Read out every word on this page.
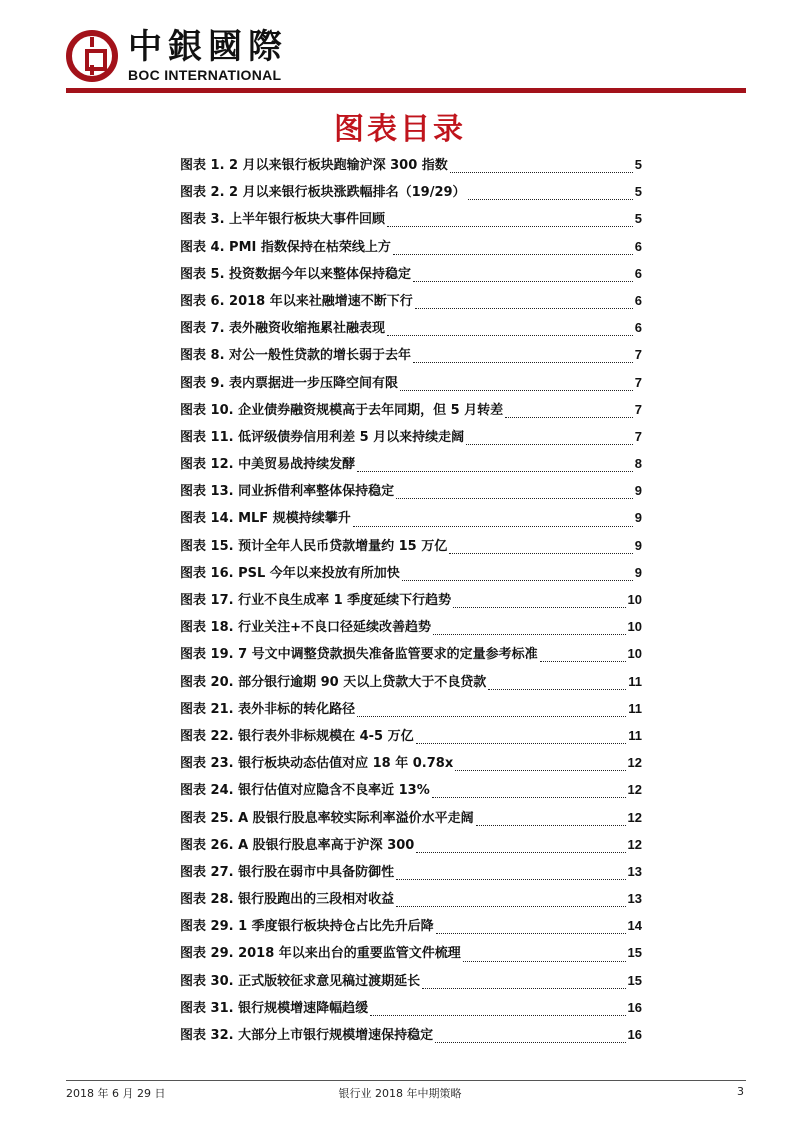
中銀國際
BOC INTERNATIONAL
图表目录
图表 1. 2 月以来银行板块跑输沪深 300 指数	5
图表 2. 2 月以来银行板块涨跌幅排名（19/29）	5
图表 3. 上半年银行板块大事件回顾	5
图表 4. PMI 指数保持在枯荣线上方	6
图表 5. 投资数据今年以来整体保持稳定	6
图表 6. 2018 年以来社融增速不断下行	6
图表 7. 表外融资收缩拖累社融表现	6
图表 8. 对公一般性贷款的增长弱于去年	7
图表 9. 表内票据进一步压降空间有限	7
图表 10. 企业债券融资规模高于去年同期，但 5 月转差	7
图表 11. 低评级债券信用利差 5 月以来持续走阔	7
图表 12. 中美贸易战持续发酵	8
图表 13. 同业拆借利率整体保持稳定	9
图表 14. MLF 规模持续攀升	9
图表 15. 预计全年人民币贷款增量约 15 万亿	9
图表 16. PSL 今年以来投放有所加快	9
图表 17. 行业不良生成率 1 季度延续下行趋势	10
图表 18. 行业关注+不良口径延续改善趋势	10
图表 19. 7 号文中调整贷款损失准备监管要求的定量参考标准	10
图表 20. 部分银行逾期 90 天以上贷款大于不良贷款	11
图表 21. 表外非标的转化路径	11
图表 22. 银行表外非标规模在 4-5 万亿	11
图表 23. 银行板块动态估值对应 18 年 0.78x	12
图表 24. 银行估值对应隐含不良率近 13%	12
图表 25. A 股银行股息率较实际利率溢价水平走阔	12
图表 26. A 股银行股息率高于沪深 300	12
图表 27. 银行股在弱市中具备防御性	13
图表 28. 银行股跑出的三段相对收益	13
图表 29. 1 季度银行板块持仓占比先升后降	14
图表 29. 2018 年以来出台的重要监管文件梳理	15
图表 30. 正式版较征求意见稿过渡期延长	15
图表 31. 银行规模增速降幅趋缓	16
图表 32. 大部分上市银行规模增速保持稳定	16
2018 年 6 月 29 日	银行业 2018 年中期策略	3
